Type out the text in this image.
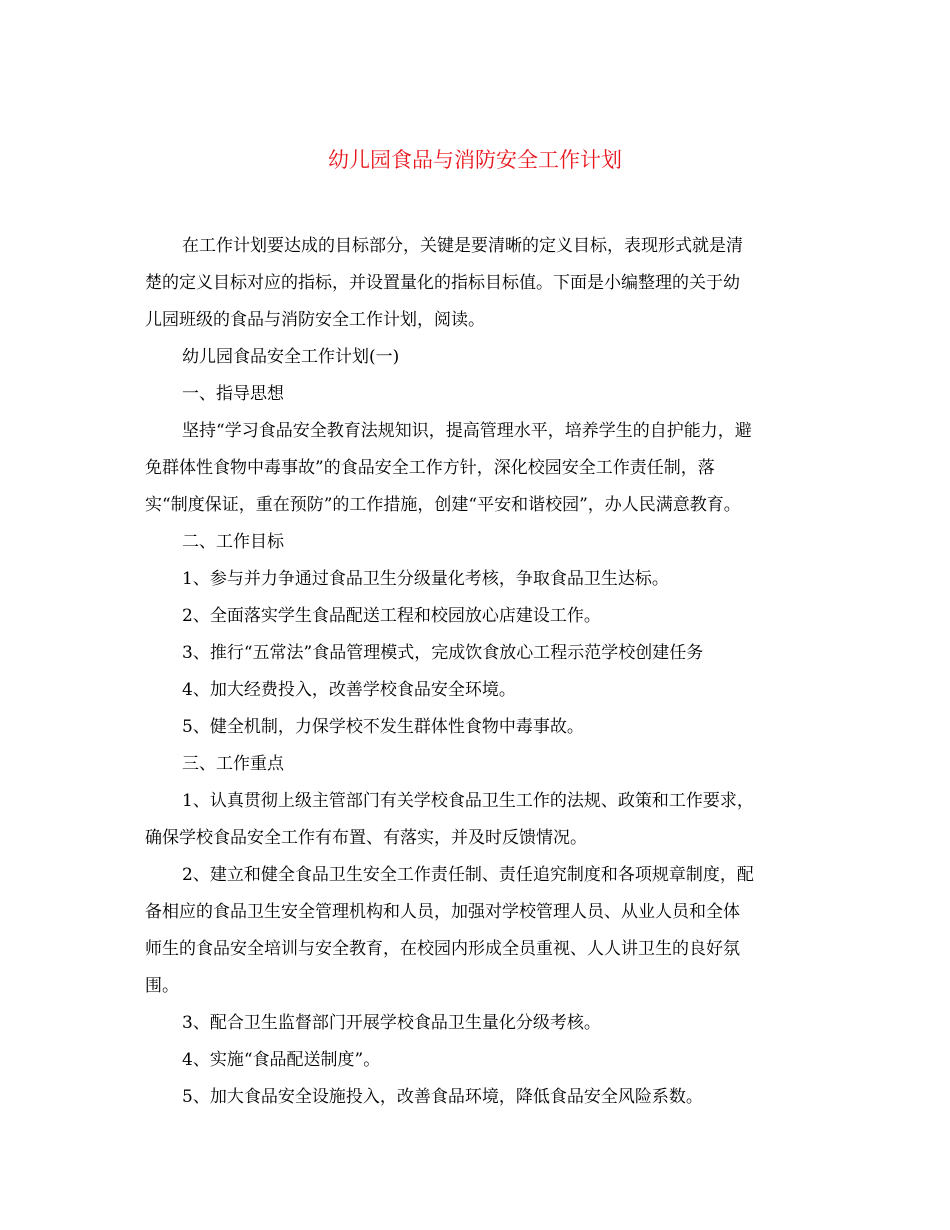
幼儿园食品与消防安全工作计划
在工作计划要达成的目标部分，关键是要清晰的定义目标，表现形式就是清
楚的定义目标对应的指标，并设置量化的指标目标值。下面是小编整理的关于幼
儿园班级的食品与消防安全工作计划，阅读。
幼儿园食品安全工作计划(一)
一、指导思想
坚持“学习食品安全教育法规知识，提高管理水平，培养学生的自护能力，避
免群体性食物中毒事故”的食品安全工作方针，深化校园安全工作责任制，落
实“制度保证，重在预防”的工作措施，创建“平安和谐校园”，办人民满意教育。
二、工作目标
1、参与并力争通过食品卫生分级量化考核，争取食品卫生达标。
2、全面落实学生食品配送工程和校园放心店建设工作。
3、推行“五常法”食品管理模式，完成饮食放心工程示范学校创建任务
4、加大经费投入，改善学校食品安全环境。
5、健全机制，力保学校不发生群体性食物中毒事故。
三、工作重点
1、认真贯彻上级主管部门有关学校食品卫生工作的法规、政策和工作要求，
确保学校食品安全工作有布置、有落实，并及时反馈情况。
2、建立和健全食品卫生安全工作责任制、责任追究制度和各项规章制度，配
备相应的食品卫生安全管理机构和人员，加强对学校管理人员、从业人员和全体
师生的食品安全培训与安全教育，在校园内形成全员重视、人人讲卫生的良好氛
围。
3、配合卫生监督部门开展学校食品卫生量化分级考核。
4、实施“食品配送制度”。
5、加大食品安全设施投入，改善食品环境，降低食品安全风险系数。
